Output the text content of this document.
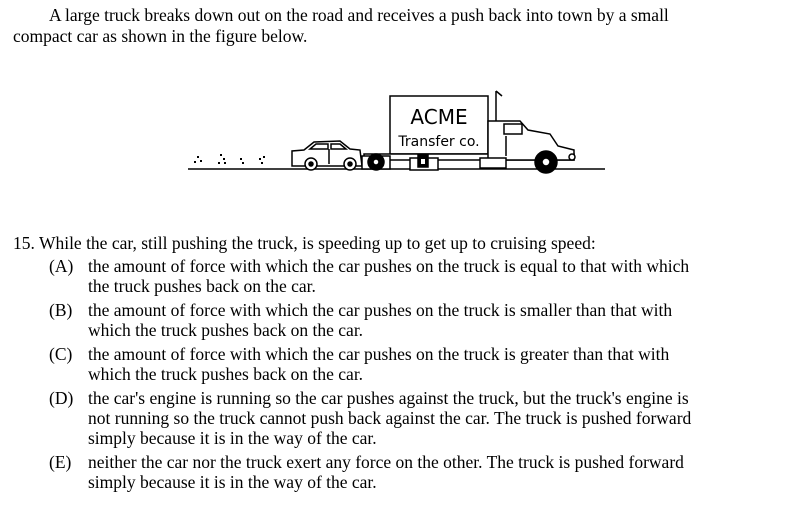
A large truck breaks down out on the road and receives a push back into town by a small
compact car as shown in the figure below.
ACME
Transfer co.
15. While the car, still pushing the truck, is speeding up to get up to cruising speed:
(A) the amount of force with which the car pushes on the truck is equal to that with which
the truck pushes back on the car.
(B) the amount of force with which the car pushes on the truck is smaller than that with
which the truck pushes back on the car.
(C) the amount of force with which the car pushes on the truck is greater than that with
which the truck pushes back on the car.
(D) the car's engine is running so the car pushes against the truck, but the truck's engine is
not running so the truck cannot push back against the car. The truck is pushed forward
simply because it is in the way of the car.
(E) neither the car nor the truck exert any force on the other. The truck is pushed forward
simply because it is in the way of the car.
